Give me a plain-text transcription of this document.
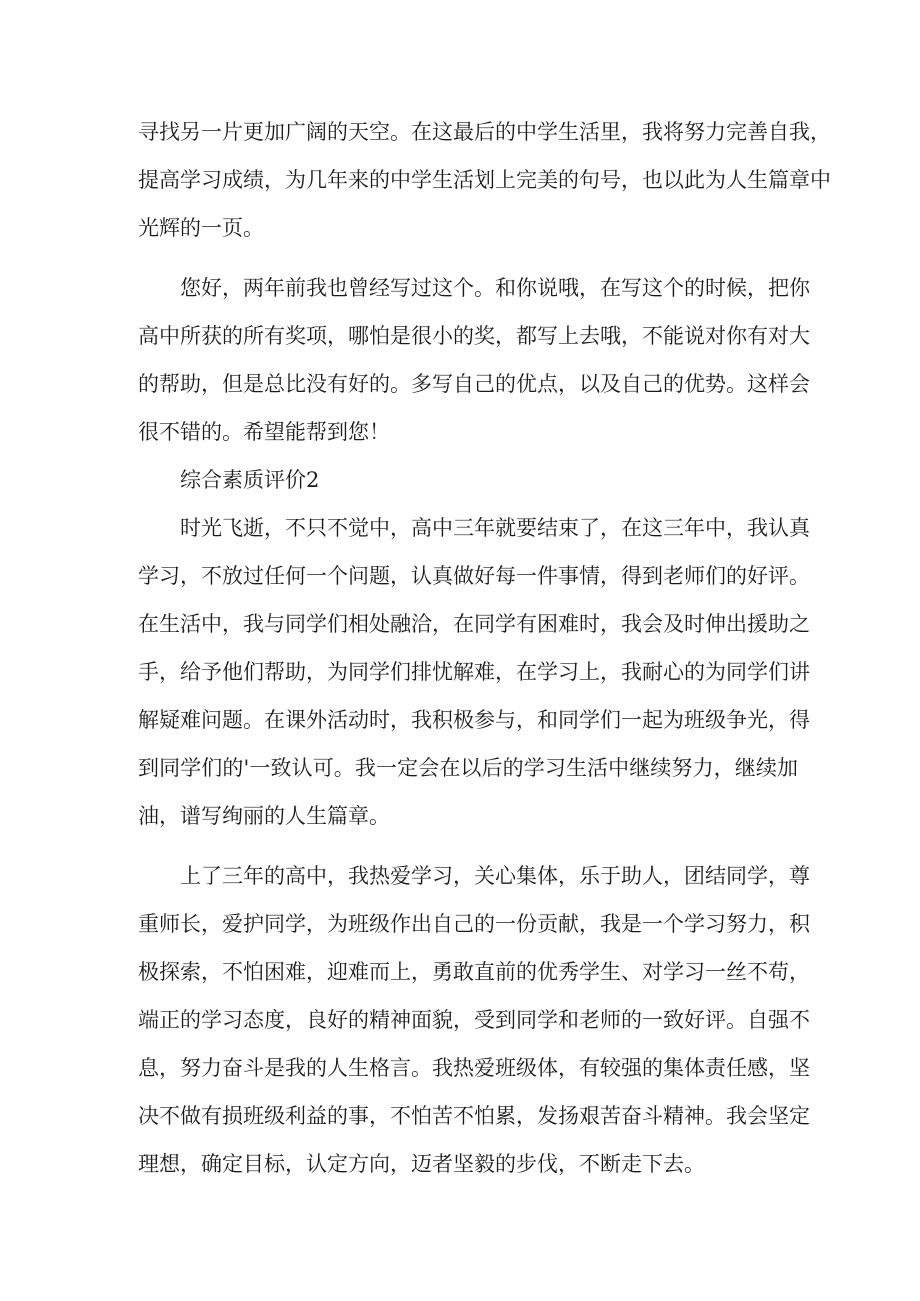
寻找另一片更加广阔的天空。在这最后的中学生活里，我将努力完善自我，
提高学习成绩，为几年来的中学生活划上完美的句号，也以此为人生篇章中
光辉的一页。
您好，两年前我也曾经写过这个。和你说哦，在写这个的时候，把你
高中所获的所有奖项，哪怕是很小的奖，都写上去哦，不能说对你有对大
的帮助，但是总比没有好的。多写自己的优点，以及自己的优势。这样会
很不错的。希望能帮到您！
综合素质评价2
时光飞逝，不只不觉中，高中三年就要结束了，在这三年中，我认真
学习，不放过任何一个问题，认真做好每一件事情，得到老师们的好评。
在生活中，我与同学们相处融洽，在同学有困难时，我会及时伸出援助之
手，给予他们帮助，为同学们排忧解难，在学习上，我耐心的为同学们讲
解疑难问题。在课外活动时，我积极参与，和同学们一起为班级争光，得
到同学们的'一致认可。我一定会在以后的学习生活中继续努力，继续加
油，谱写绚丽的人生篇章。
上了三年的高中，我热爱学习，关心集体，乐于助人，团结同学，尊
重师长，爱护同学，为班级作出自己的一份贡献，我是一个学习努力，积
极探索，不怕困难，迎难而上，勇敢直前的优秀学生、对学习一丝不苟，
端正的学习态度，良好的精神面貌，受到同学和老师的一致好评。自强不
息，努力奋斗是我的人生格言。我热爱班级体，有较强的集体责任感，坚
决不做有损班级利益的事，不怕苦不怕累，发扬艰苦奋斗精神。我会坚定
理想，确定目标，认定方向，迈者坚毅的步伐，不断走下去。
